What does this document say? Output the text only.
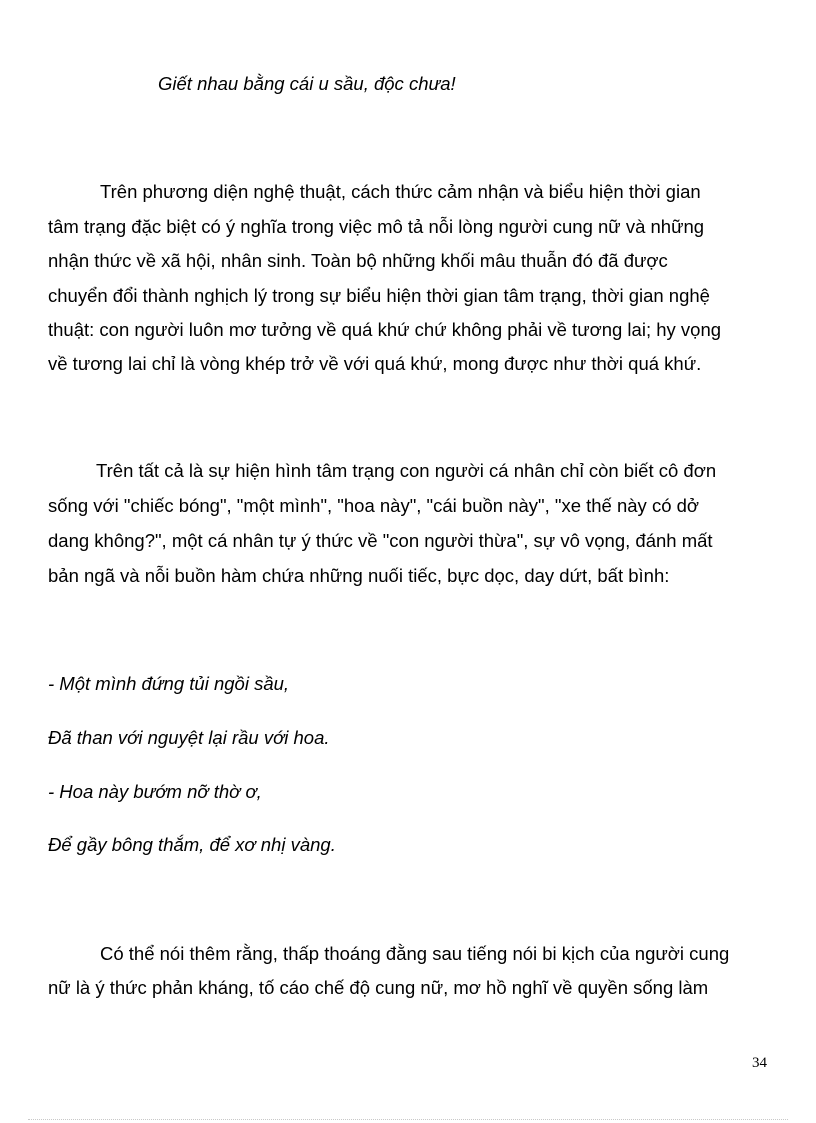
Giết nhau bằng cái u sầu, độc chưa!
Trên phương diện nghệ thuật, cách thức cảm nhận và biểu hiện thời gian
tâm trạng đặc biệt có ý nghĩa trong việc mô tả nỗi lòng người cung nữ và những
nhận thức về xã hội, nhân sinh. Toàn bộ những khối mâu thuẫn đó đã được
chuyển đổi thành nghịch lý trong sự biểu hiện thời gian tâm trạng, thời gian nghệ
thuật: con người luôn mơ tưởng về quá khứ chứ không phải về tương lai; hy vọng
về tương lai chỉ là vòng khép trở về với quá khứ, mong được như thời quá khứ.
Trên tất cả là sự hiện hình tâm trạng con người cá nhân chỉ còn biết cô đơn
sống với "chiếc bóng", "một mình", "hoa này", "cái buồn này", "xe thế này có dở
dang không?", một cá nhân tự ý thức về "con người thừa", sự vô vọng, đánh mất
bản ngã và nỗi buồn hàm chứa những nuối tiếc, bực dọc, day dứt, bất bình:
- Một mình đứng tủi ngồi sầu,
Đã than với nguyệt lại rầu với hoa.
- Hoa này bướm nỡ thờ ơ,
Để gầy bông thắm, để xơ nhị vàng.
Có thể nói thêm rằng, thấp thoáng đằng sau tiếng nói bi kịch của người cung
nữ là ý thức phản kháng, tố cáo chế độ cung nữ, mơ hồ nghĩ về quyền sống làm
34
